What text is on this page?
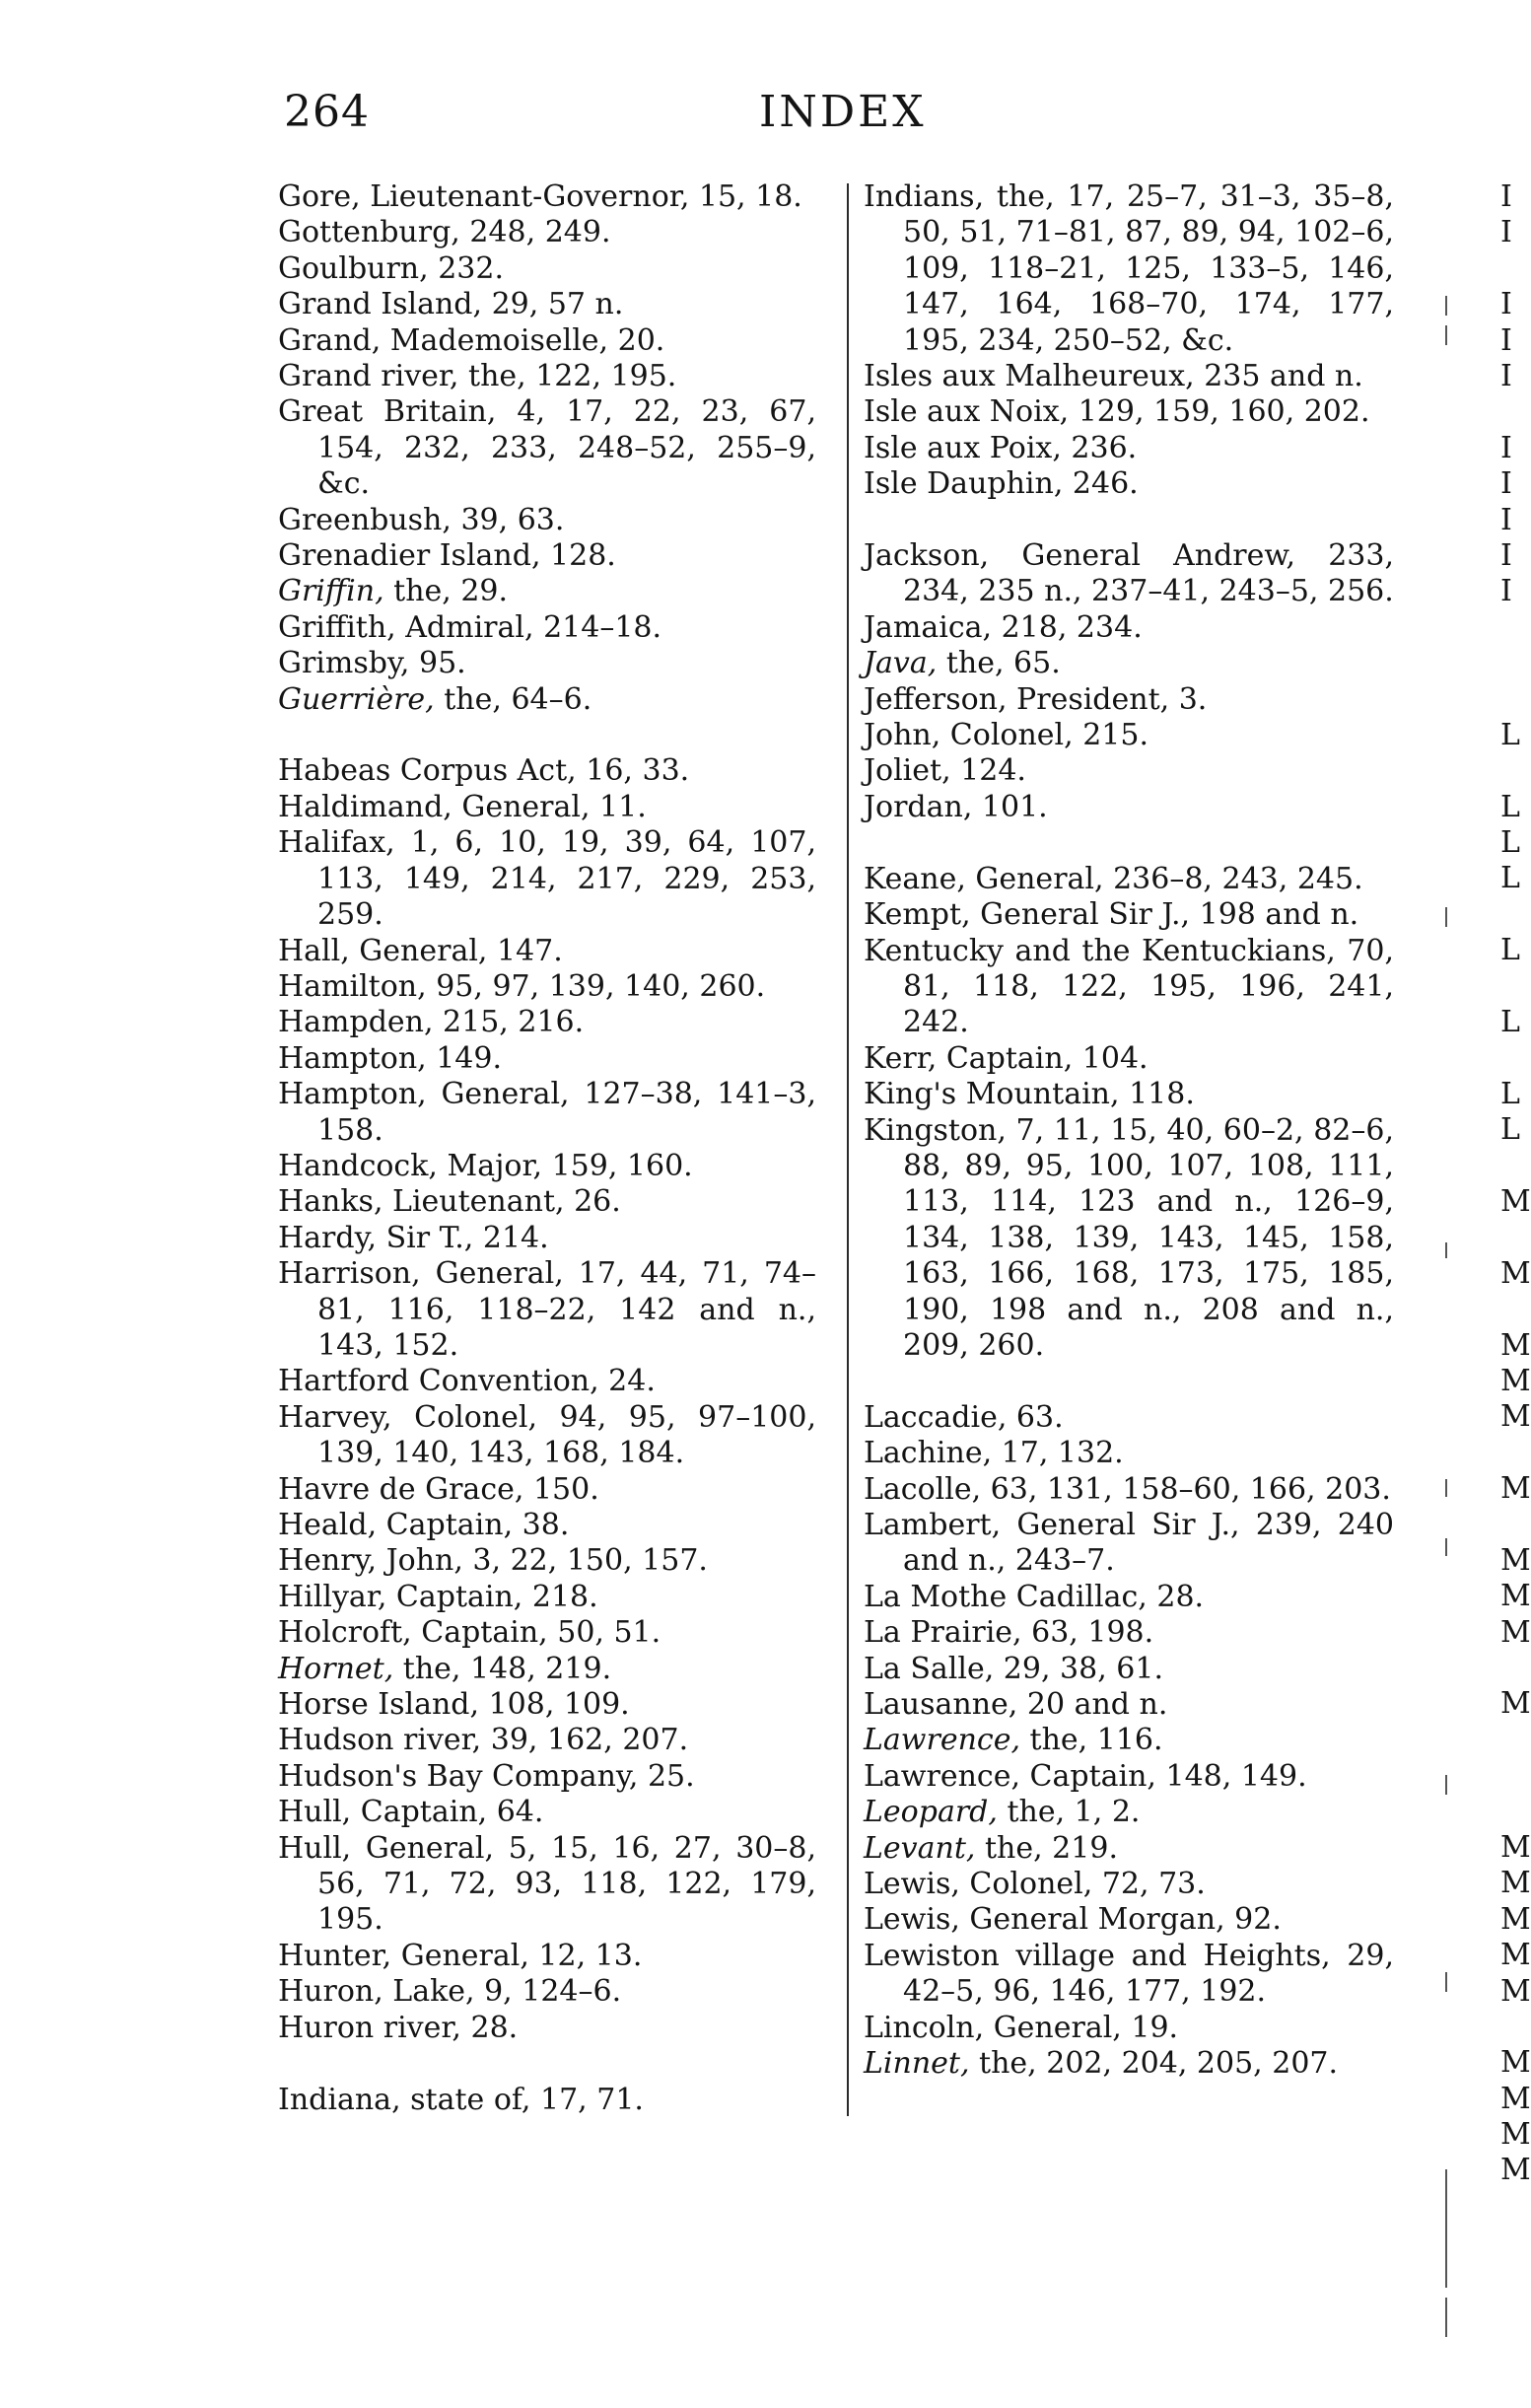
264	INDEX

Gore, Lieutenant-Governor, 15, 18.

Gottenburg, 248, 249.

Goulburn, 232.

Grand Island, 29, 57 n.

Grand, Mademoiselle, 20.

Grand river, the, 122, 195.

Great Britain, 4, 17, 22, 23, 67, 154, 232, 233, 248–52, 255–9, &c.

Greenbush, 39, 63.

Grenadier Island, 128.

Griffin, the, 29.

Griffith, Admiral, 214–18.

Grimsby, 95.

Guerrière, the, 64–6.

Habeas Corpus Act, 16, 33.

Haldimand, General, 11.

Halifax, 1, 6, 10, 19, 39, 64, 107, 113, 149, 214, 217, 229, 253, 259.

Hall, General, 147.

Hamilton, 95, 97, 139, 140, 260.

Hampden, 215, 216.

Hampton, 149.

Hampton, General, 127–38, 141–3, 158.

Handcock, Major, 159, 160.

Hanks, Lieutenant, 26.

Hardy, Sir T., 214.

Harrison, General, 17, 44, 71, 74–81, 116, 118–22, 142 and n., 143, 152.

Hartford Convention, 24.

Harvey, Colonel, 94, 95, 97–100, 139, 140, 143, 168, 184.

Havre de Grace, 150.

Heald, Captain, 38.

Henry, John, 3, 22, 150, 157.

Hillyar, Captain, 218.

Holcroft, Captain, 50, 51.

Hornet, the, 148, 219.

Horse Island, 108, 109.

Hudson river, 39, 162, 207.

Hudson's Bay Company, 25.

Hull, Captain, 64.

Hull, General, 5, 15, 16, 27, 30–8, 56, 71, 72, 93, 118, 122, 179, 195.

Hunter, General, 12, 13.

Huron, Lake, 9, 124–6.

Huron river, 28.

Indiana, state of, 17, 71.

Indians, the, 17, 25–7, 31–3, 35–8, 50, 51, 71–81, 87, 89, 94, 102–6, 109, 118–21, 125, 133–5, 146, 147, 164, 168–70, 174, 177, 195, 234, 250–52, &c.

Isles aux Malheureux, 235 and n.

Isle aux Noix, 129, 159, 160, 202.

Isle aux Poix, 236.

Isle Dauphin, 246.

Jackson, General Andrew, 233, 234, 235 n., 237–41, 243–5, 256.

Jamaica, 218, 234.

Java, the, 65.

Jefferson, President, 3.

John, Colonel, 215.

Joliet, 124.

Jordan, 101.

Keane, General, 236–8, 243, 245.

Kempt, General Sir J., 198 and n.

Kentucky and the Kentuckians, 70, 81, 118, 122, 195, 196, 241, 242.

Kerr, Captain, 104.

King's Mountain, 118.

Kingston, 7, 11, 15, 40, 60–2, 82–6, 88, 89, 95, 100, 107, 108, 111, 113, 114, 123 and n., 126–9, 134, 138, 139, 143, 145, 158, 163, 166, 168, 173, 175, 185, 190, 198 and n., 208 and n., 209, 260.

Laccadie, 63.

Lachine, 17, 132.

Lacolle, 63, 131, 158–60, 166, 203.

Lambert, General Sir J., 239, 240 and n., 243–7.

La Mothe Cadillac, 28.

La Prairie, 63, 198.

La Salle, 29, 38, 61.

Lausanne, 20 and n.

Lawrence, the, 116.

Lawrence, Captain, 148, 149.

Leopard, the, 1, 2.

Levant, the, 219.

Lewis, Colonel, 72, 73.

Lewis, General Morgan, 92.

Lewiston village and Heights, 29, 42–5, 96, 146, 177, 192.

Lincoln, General, 19.

Linnet, the, 202, 204, 205, 207.

I
I
I
I
I
I
I
I
I
I
L
L
L
L
L
L
L
L
M
M
M
M
M
M
M
M
M
M
M
M
M
M
M
M
M
M
M
